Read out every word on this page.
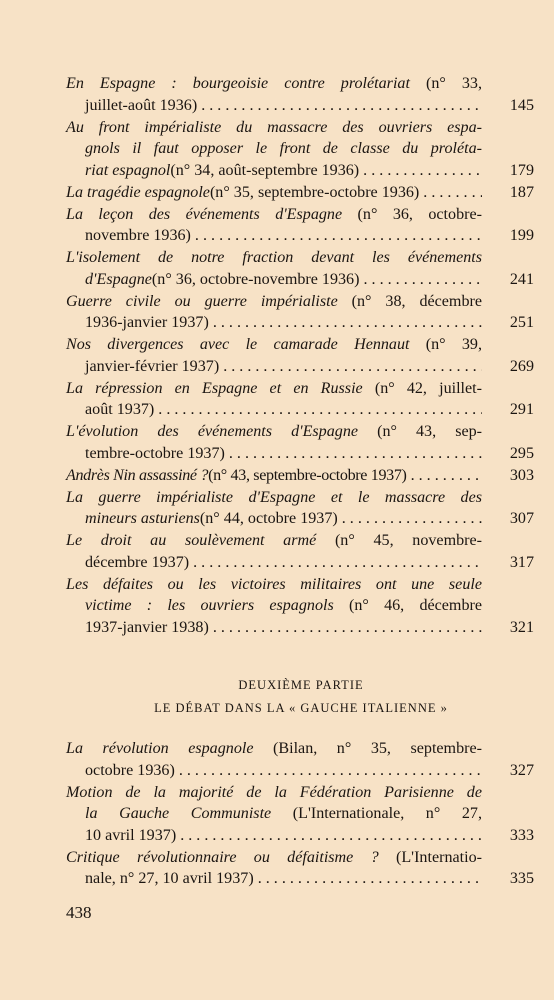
En Espagne : bourgeoisie contre prolétariat (n° 33,
juillet-août 1936) . . .	145
Au front impérialiste du massacre des ouvriers espa-
gnols il faut opposer le front de classe du proléta-
riat espagnol (n° 34, août-septembre 1936) . . .	179
La tragédie espagnole (n° 35, septembre-octobre 1936) . . .	187
La leçon des événements d'Espagne (n° 36, octobre-
novembre 1936) . . .	199
L'isolement de notre fraction devant les événements
d'Espagne (n° 36, octobre-novembre 1936) . . .	241
Guerre civile ou guerre impérialiste (n° 38, décembre
1936-janvier 1937) . . .	251
Nos divergences avec le camarade Hennaut (n° 39,
janvier-février 1937) . . .	269
La répression en Espagne et en Russie (n° 42, juillet-
août 1937) . . .	291
L'évolution des événements d'Espagne (n° 43, sep-
tembre-octobre 1937) . . .	295
Andrès Nin assassiné ? (n° 43, septembre-octobre 1937) . . .	303
La guerre impérialiste d'Espagne et le massacre des
mineurs asturiens (n° 44, octobre 1937) . . .	307
Le droit au soulèvement armé (n° 45, novembre-
décembre 1937) . . .	317
Les défaites ou les victoires militaires ont une seule
victime : les ouvriers espagnols (n° 46, décembre
1937-janvier 1938) . . .	321
DEUXIÈME PARTIE
LE DÉBAT DANS LA « GAUCHE ITALIENNE »
La révolution espagnole (Bilan, n° 35, septembre-
octobre 1936) . . .	327
Motion de la majorité de la Fédération Parisienne de
la Gauche Communiste (L'Internationale, n° 27,
10 avril 1937) . . .	333
Critique révolutionnaire ou défaitisme ? (L'Internatio-
nale, n° 27, 10 avril 1937) . . .	335
438
